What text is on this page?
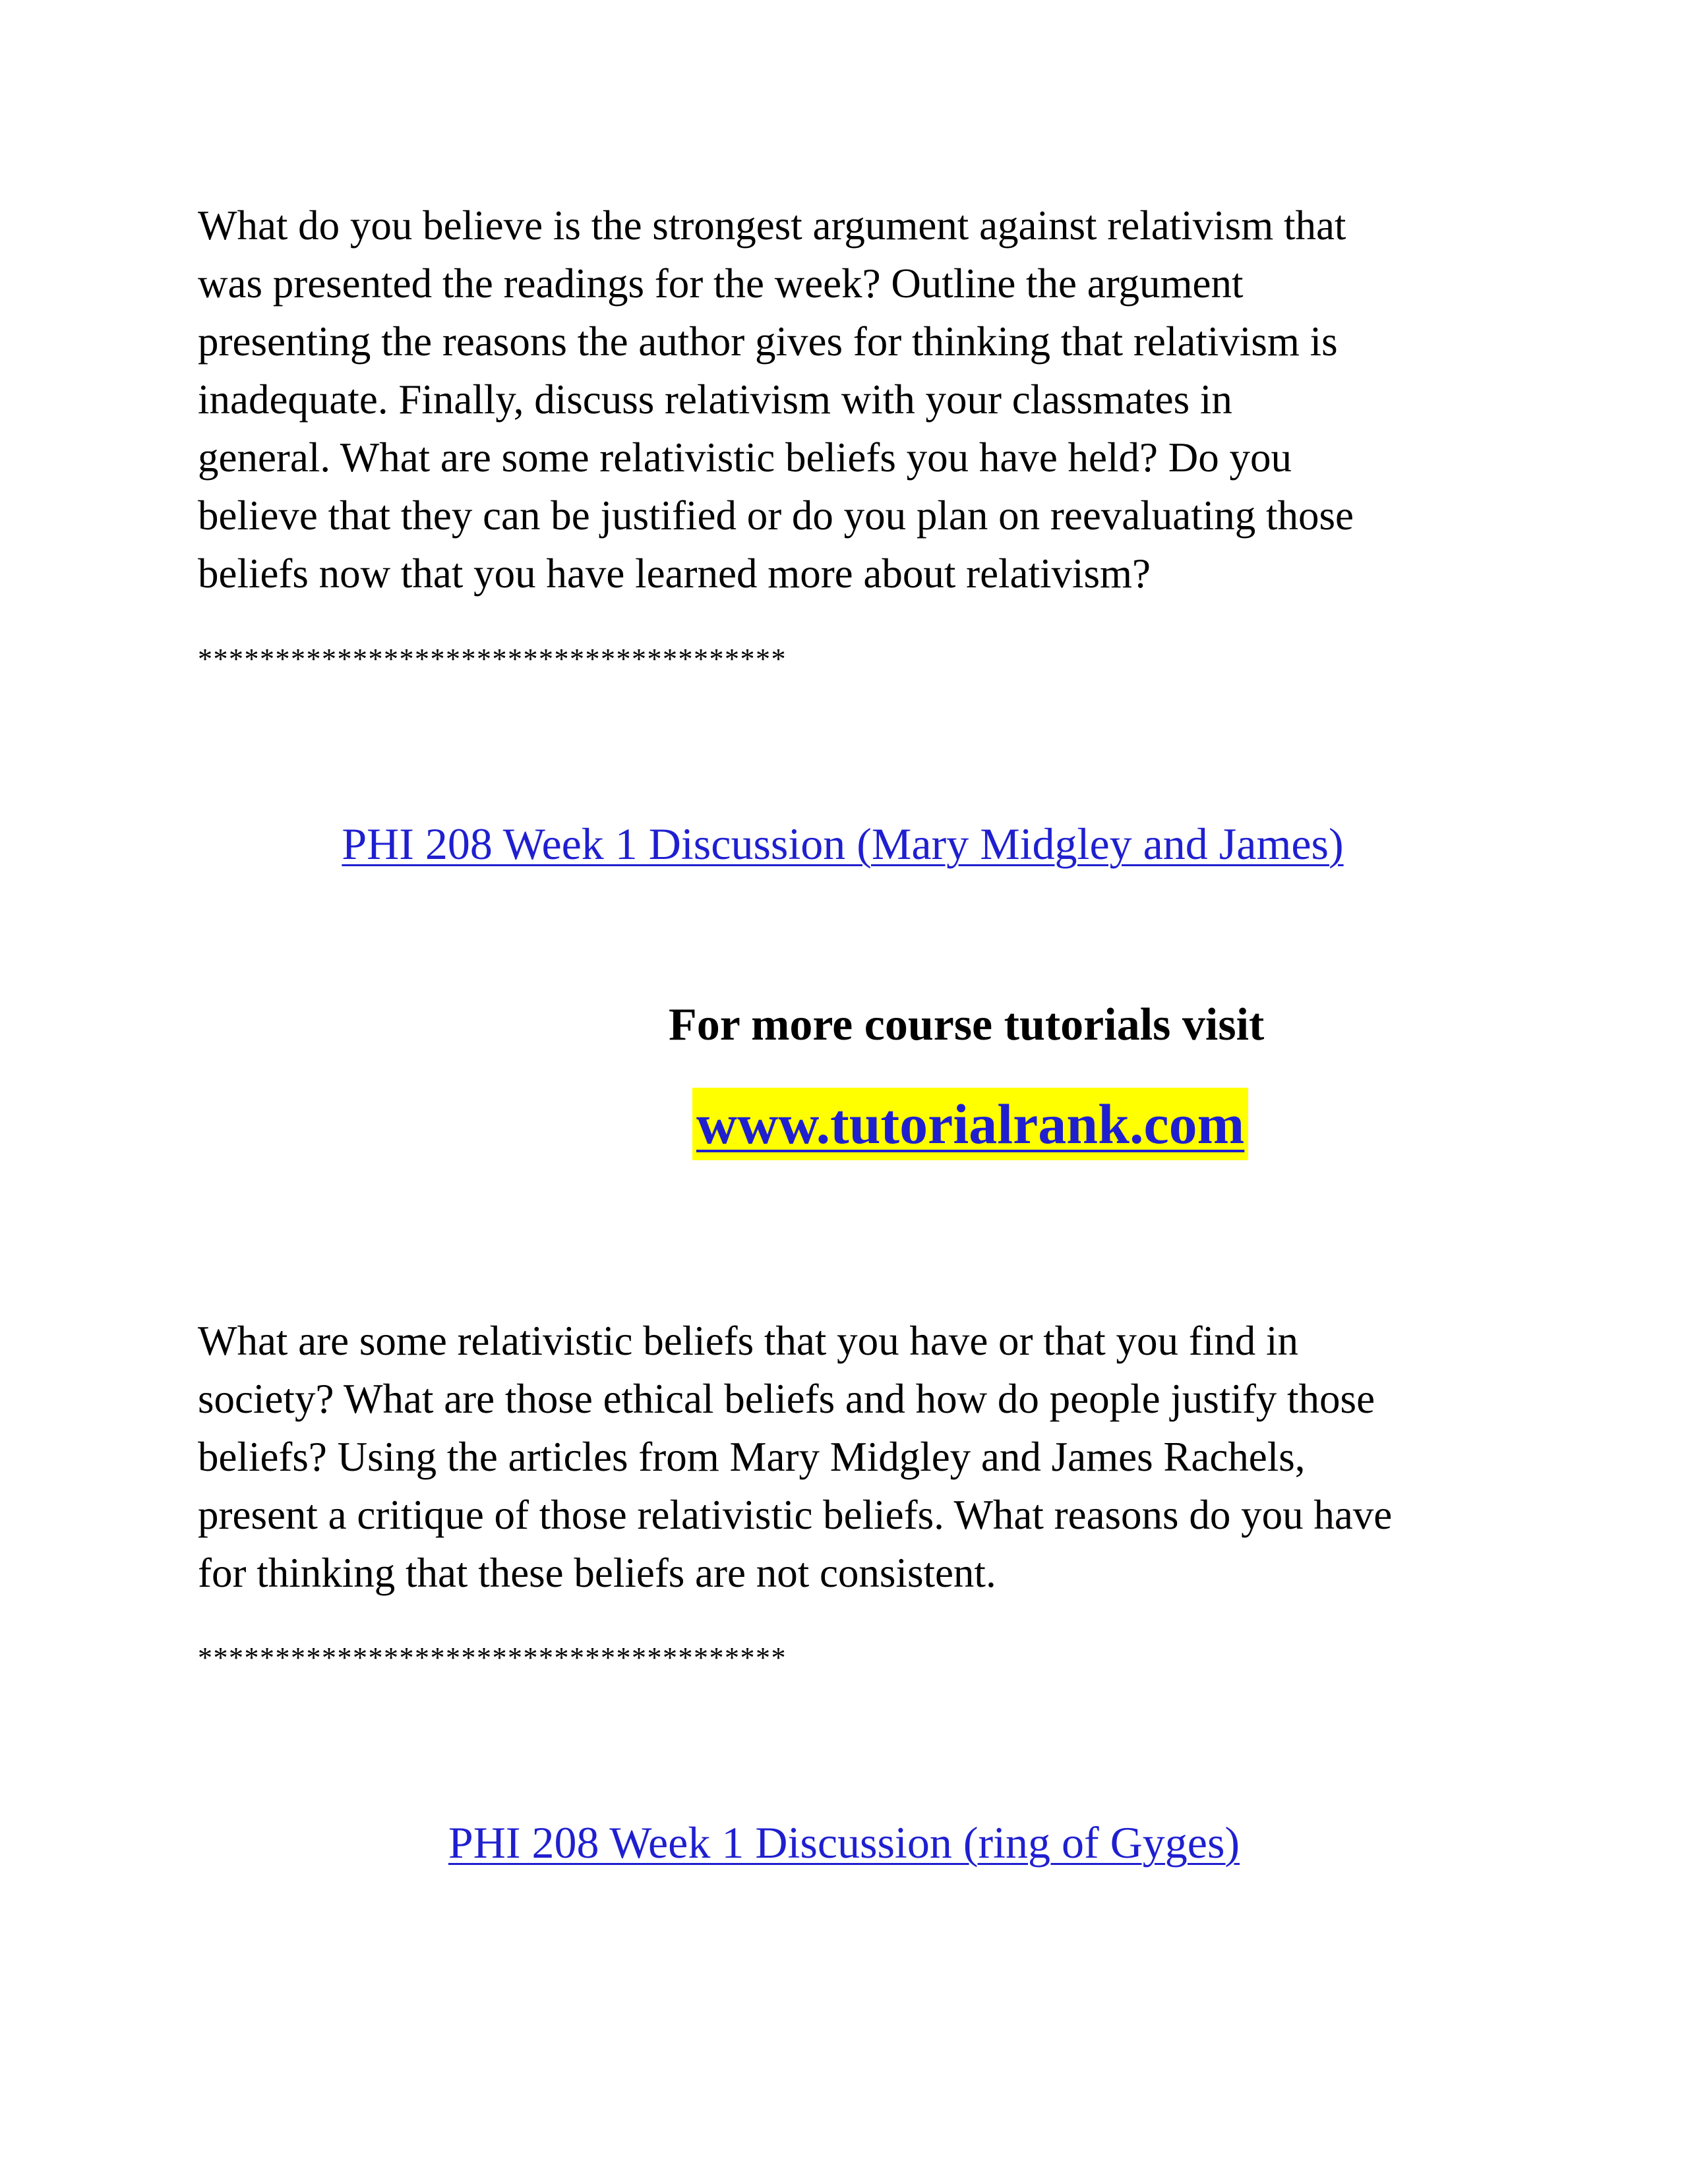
What do you believe is the strongest argument against relativism that
was presented the readings for the week? Outline the argument
presenting the reasons the author gives for thinking that relativism is
inadequate. Finally, discuss relativism with your classmates in
general. What are some relativistic beliefs you have held? Do you
believe that they can be justified or do you plan on reevaluating those
beliefs now that you have learned more about relativism?

**************************************

PHI 208 Week 1 Discussion (Mary Midgley and James)
For more course tutorials visit
www.tutorialrank.com

What are some relativistic beliefs that you have or that you find in
society? What are those ethical beliefs and how do people justify those
beliefs? Using the articles from Mary Midgley and James Rachels,
present a critique of those relativistic beliefs. What reasons do you have
for thinking that these beliefs are not consistent.

**************************************

PHI 208 Week 1 Discussion (ring of Gyges)
